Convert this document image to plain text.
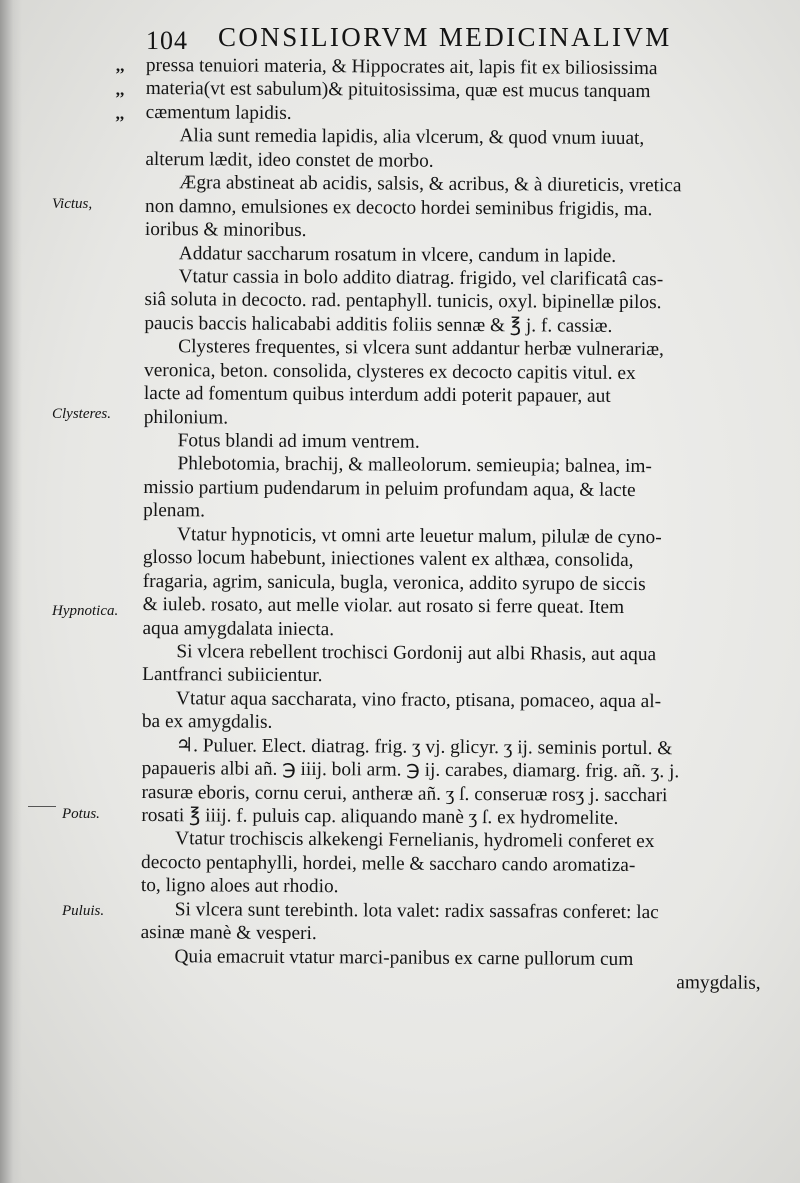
104 CONSILIORVM MEDICINALIVM
Victus,
Clysteres.
Hypnotica.
Potus.
Puluis.
,,
,,
,,
pressa tenuiori materia, & Hippocrates ait, lapis fit ex biliosissima
materia(vt est sabulum)& pituitosissima, quæ est mucus tanquam
cæmentum lapidis.
Alia sunt remedia lapidis, alia vlcerum, & quod vnum iuuat,
alterum lædit, ideo constet de morbo.
Ægra abstineat ab acidis, salsis, & acribus, & à diureticis, vretica
non damno, emulsiones ex decocto hordei seminibus frigidis, ma.
ioribus & minoribus.
Addatur saccharum rosatum in vlcere, candum in lapide.
Vtatur cassia in bolo addito diatrag. frigido, vel clarificatâ cas-
siâ soluta in decocto. rad. pentaphyll. tunicis, oxyl. bipinellæ pilos.
paucis baccis halicababi additis foliis sennæ & ℥ j. f. cassiæ.
Clysteres frequentes, si vlcera sunt addantur herbæ vulnerariæ,
veronica, beton. consolida, clysteres ex decocto capitis vitul. ex
lacte ad fomentum quibus interdum addi poterit papauer, aut
philonium.
Fotus blandi ad imum ventrem.
Phlebotomia, brachij, & malleolorum. semieupia; balnea, im-
missio partium pudendarum in peluim profundam aqua, & lacte
plenam.
Vtatur hypnoticis, vt omni arte leuetur malum, pilulæ de cyno-
glosso locum habebunt, iniectiones valent ex althæa, consolida,
fragaria, agrim, sanicula, bugla, veronica, addito syrupo de siccis
& iuleb. rosato, aut melle violar. aut rosato si ferre queat. Item
aqua amygdalata iniecta.
Si vlcera rebellent trochisci Gordonij aut albi Rhasis, aut aqua
Lantfranci subiicientur.
Vtatur aqua saccharata, vino fracto, ptisana, pomaceo, aqua al-
ba ex amygdalis.
♃. Puluer. Elect. diatrag. frig. ʒ vj. glicyr. ʒ ij. seminis portul. &
papaueris albi añ. ℈ iiij. boli arm. ℈ ij. carabes, diamarg. frig. añ. ʒ. j.
rasuræ eboris, cornu cerui, antheræ añ. ʒ ſ. conseruæ rosʒ j. sacchari
rosati ℥ iiij. f. puluis cap. aliquando manè ʒ ſ. ex hydromelite.
Vtatur trochiscis alkekengi Fernelianis, hydromeli conferet ex
decocto pentaphylli, hordei, melle & saccharo cando aromatiza-
to, ligno aloes aut rhodio.
Si vlcera sunt terebinth. lota valet: radix sassafras conferet: lac
asinæ manè & vesperi.
Quia emacruit vtatur marci-panibus ex carne pullorum cum
amygdalis,
